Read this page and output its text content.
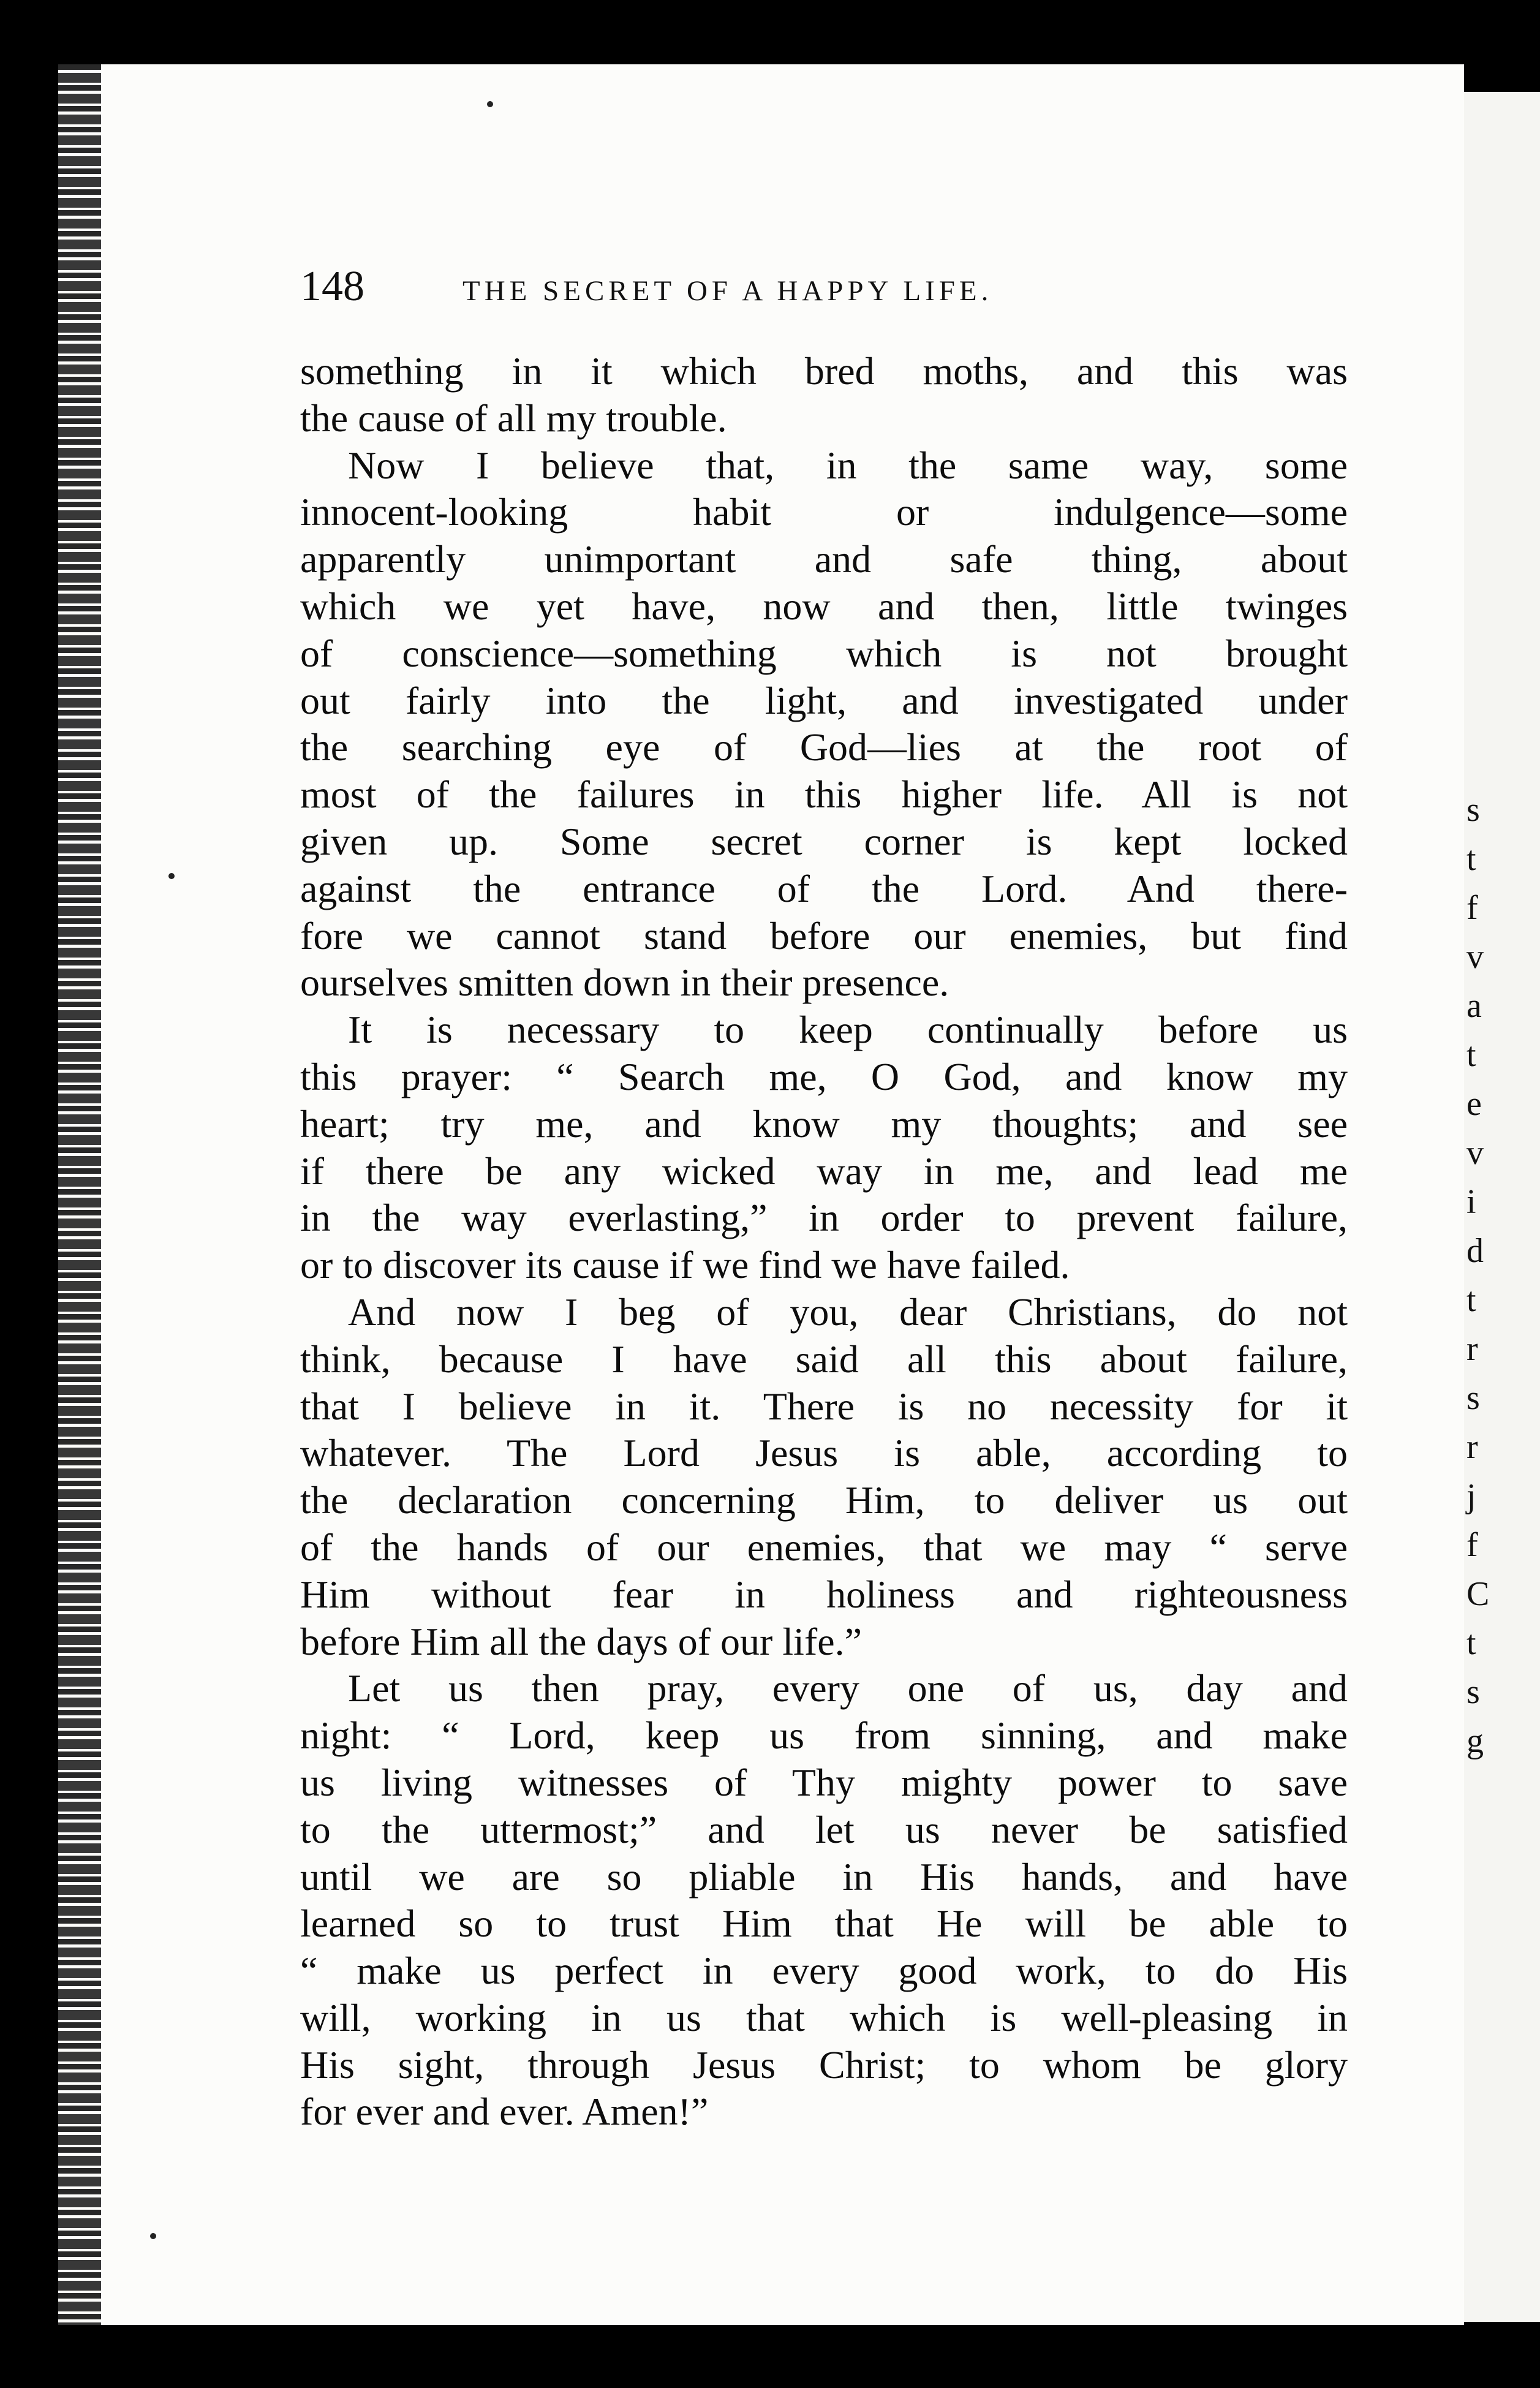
s
t
f
v
a
t
e
v
i
d
t
r
s
r
j
f
C
t
s
g
148	THE SECRET OF A HAPPY LIFE.
something in it which bred moths, and this was
the cause of all my trouble.
Now I believe that, in the same way, some
innocent-looking habit or indulgence—some
apparently unimportant and safe thing, about
which we yet have, now and then, little twinges
of conscience—something which is not brought
out fairly into the light, and investigated under
the searching eye of God—lies at the root of
most of the failures in this higher life. All is not
given up. Some secret corner is kept locked
against the entrance of the Lord. And there-
fore we cannot stand before our enemies, but find
ourselves smitten down in their presence.
It is necessary to keep continually before us
this prayer: “ Search me, O God, and know my
heart; try me, and know my thoughts; and see
if there be any wicked way in me, and lead me
in the way everlasting,” in order to prevent failure,
or to discover its cause if we find we have failed.
And now I beg of you, dear Christians, do not
think, because I have said all this about failure,
that I believe in it. There is no necessity for it
whatever. The Lord Jesus is able, according to
the declaration concerning Him, to deliver us out
of the hands of our enemies, that we may “ serve
Him without fear in holiness and righteousness
before Him all the days of our life.”
Let us then pray, every one of us, day and
night: “ Lord, keep us from sinning, and make
us living witnesses of Thy mighty power to save
to the uttermost;” and let us never be satisfied
until we are so pliable in His hands, and have
learned so to trust Him that He will be able to
“ make us perfect in every good work, to do His
will, working in us that which is well-pleasing in
His sight, through Jesus Christ; to whom be glory
for ever and ever. Amen!”
